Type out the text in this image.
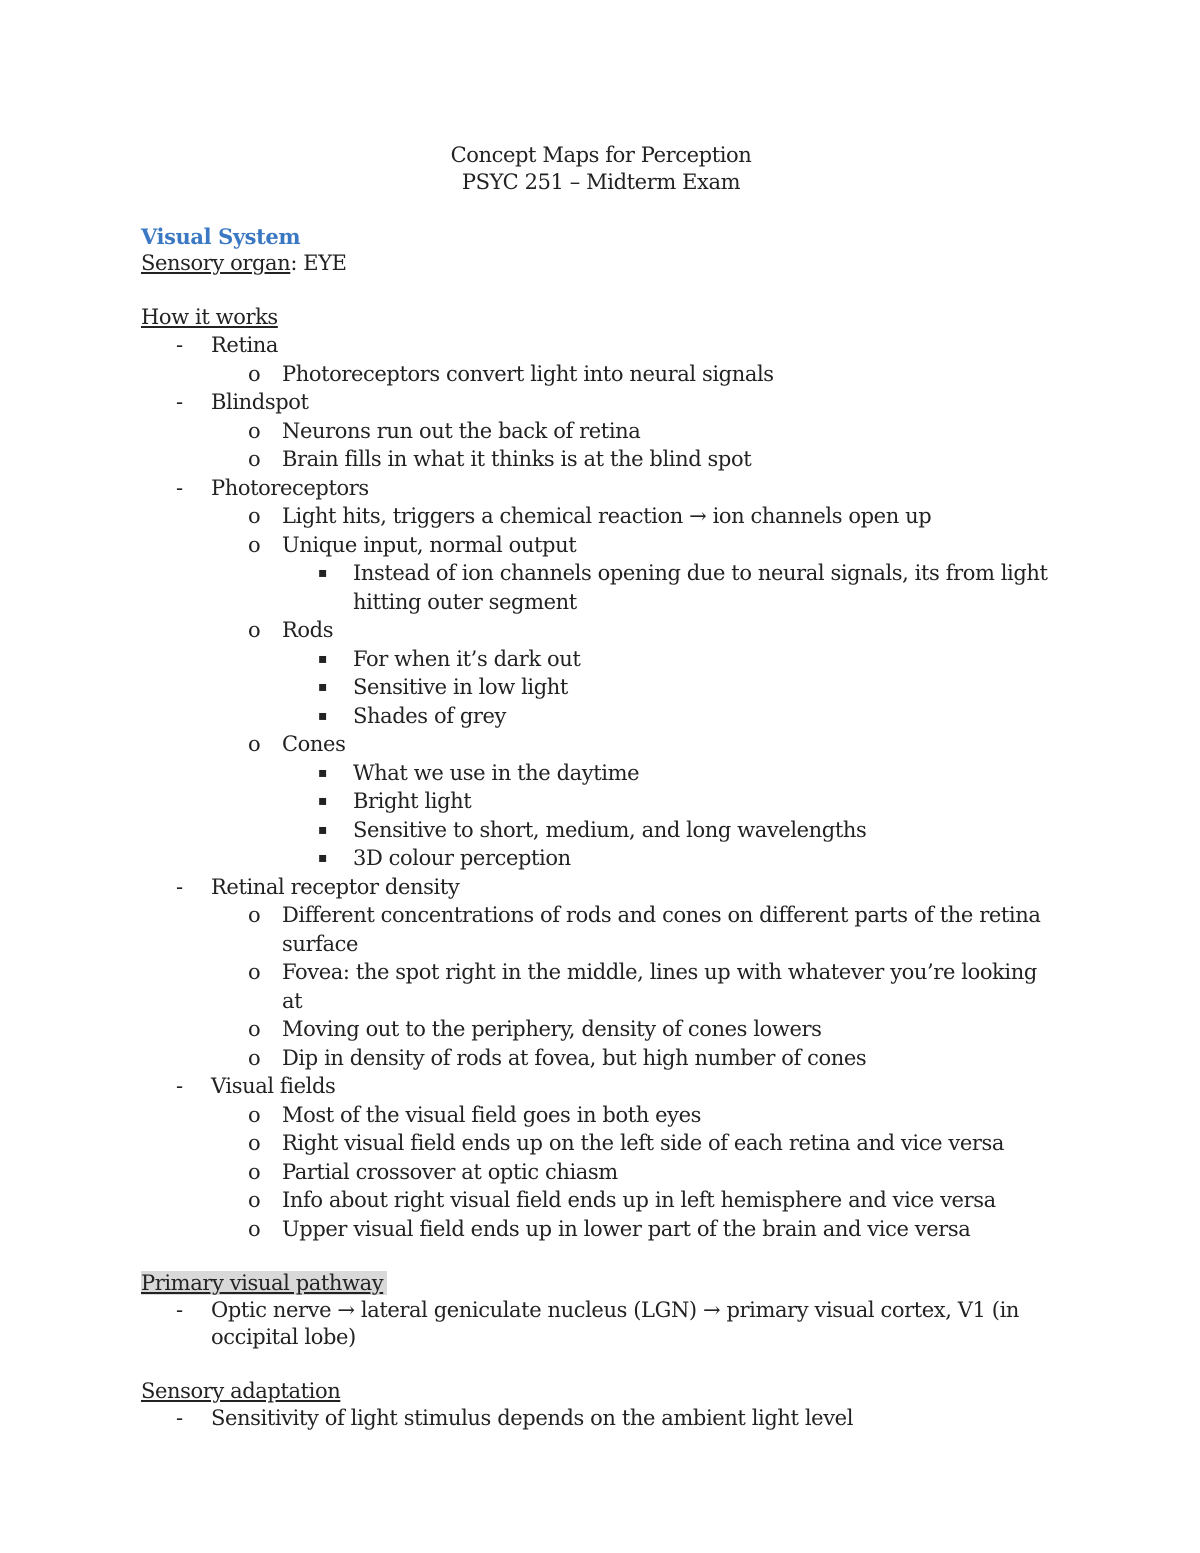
Concept Maps for Perception

PSYC 251 – Midterm Exam

Visual System
Sensory organ: EYE
How it works
- Retina
o Photoreceptors convert light into neural signals
- Blindspot
o Neurons run out the back of retina
o Brain fills in what it thinks is at the blind spot
- Photoreceptors
o Light hits, triggers a chemical reaction → ion channels open up
o Unique input, normal output
▪ Instead of ion channels opening due to neural signals, its from light hitting outer segment
o Rods
▪ For when it’s dark out
▪ Sensitive in low light
▪ Shades of grey
o Cones
▪ What we use in the daytime
▪ Bright light
▪ Sensitive to short, medium, and long wavelengths
▪ 3D colour perception
- Retinal receptor density
o Different concentrations of rods and cones on different parts of the retina surface
o Fovea: the spot right in the middle, lines up with whatever you’re looking at
o Moving out to the periphery, density of cones lowers
o Dip in density of rods at fovea, but high number of cones
- Visual fields
o Most of the visual field goes in both eyes
o Right visual field ends up on the left side of each retina and vice versa
o Partial crossover at optic chiasm
o Info about right visual field ends up in left hemisphere and vice versa
o Upper visual field ends up in lower part of the brain and vice versa
Primary visual pathway
- Optic nerve → lateral geniculate nucleus (LGN) → primary visual cortex, V1 (in occipital lobe)
Sensory adaptation
- Sensitivity of light stimulus depends on the ambient light level
